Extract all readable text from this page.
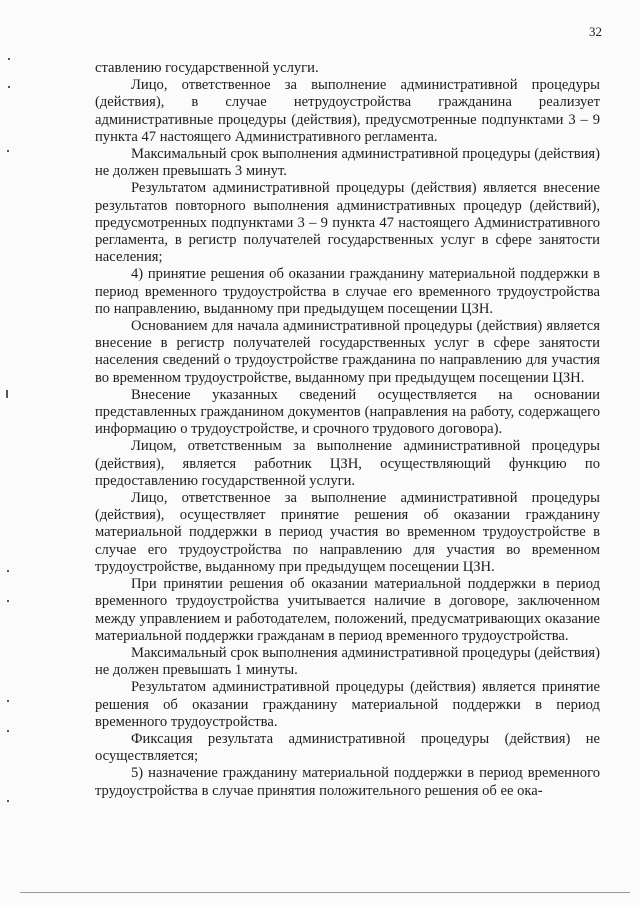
32

ставлению государственной услуги.

Лицо, ответственное за выполнение административной процедуры (действия), в случае нетрудоустройства гражданина реализует административные процедуры (действия), предусмотренные подпунктами 3 – 9 пункта 47 настоящего Административного регламента.

Максимальный срок выполнения административной процедуры (действия) не должен превышать 3 минут.

Результатом административной процедуры (действия) является внесение результатов повторного выполнения административных процедур (действий), предусмотренных подпунктами 3 – 9 пункта 47 настоящего Административного регламента, в регистр получателей государственных услуг в сфере занятости населения;

4) принятие решения об оказании гражданину материальной поддержки в период временного трудоустройства в случае его временного трудоустройства по направлению, выданному при предыдущем посещении ЦЗН.

Основанием для начала административной процедуры (действия) является внесение в регистр получателей государственных услуг в сфере занятости населения сведений о трудоустройстве гражданина по направлению для участия во временном трудоустройстве, выданному при предыдущем посещении ЦЗН.

Внесение указанных сведений осуществляется на основании представленных гражданином документов (направления на работу, содержащего информацию о трудоустройстве, и срочного трудового договора).

Лицом, ответственным за выполнение административной процедуры (действия), является работник ЦЗН, осуществляющий функцию по предоставлению государственной услуги.

Лицо, ответственное за выполнение административной процедуры (действия), осуществляет принятие решения об оказании гражданину материальной поддержки в период участия во временном трудоустройстве в случае его трудоустройства по направлению для участия во временном трудоустройстве, выданному при предыдущем посещении ЦЗН.

При принятии решения об оказании материальной поддержки в период временного трудоустройства учитывается наличие в договоре, заключенном между управлением и работодателем, положений, предусматривающих оказание материальной поддержки гражданам в период временного трудоустройства.

Максимальный срок выполнения административной процедуры (действия) не должен превышать 1 минуты.

Результатом административной процедуры (действия) является принятие решения об оказании гражданину материальной поддержки в период временного трудоустройства.

Фиксация результата административной процедуры (действия) не осуществляется;

5) назначение гражданину материальной поддержки в период временного трудоустройства в случае принятия положительного решения об ее ока-
